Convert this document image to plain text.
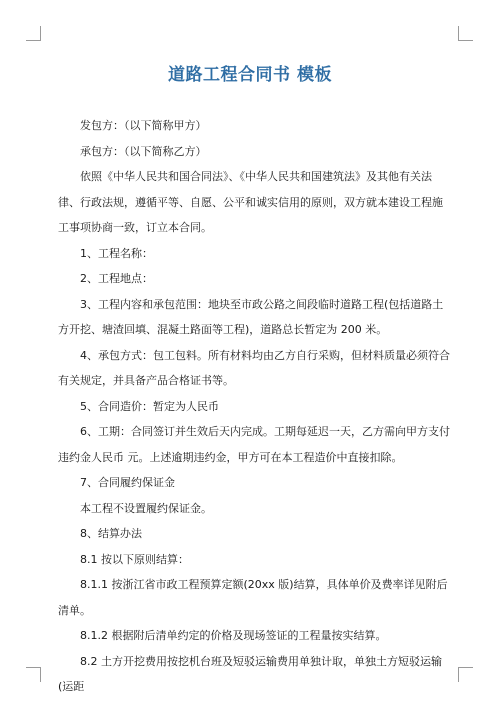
道路工程合同书 模板

发包方：（以下简称甲方）

承包方：（以下简称乙方）

依照《中华人民共和国合同法》、《中华人民共和国建筑法》及其他有关法律、行政法规，遵循平等、自愿、公平和诚实信用的原则，双方就本建设工程施工事项协商一致，订立本合同。

1、工程名称：

2、工程地点：

3、工程内容和承包范围：地块至市政公路之间段临时道路工程(包括道路土方开挖、塘渣回填、混凝土路面等工程)，道路总长暂定为 200 米。

4、承包方式：包工包料。所有材料均由乙方自行采购，但材料质量必须符合有关规定，并具备产品合格证书等。

5、合同造价：暂定为人民币

6、工期：合同签订并生效后天内完成。工期每延迟一天，乙方需向甲方支付违约金人民币 元。上述逾期违约金，甲方可在本工程造价中直接扣除。

7、合同履约保证金

本工程不设置履约保证金。

8、结算办法

8.1 按以下原则结算：

8.1.1 按浙江省市政工程预算定额(20xx 版)结算，具体单价及费率详见附后清单。

8.1.2 根据附后清单约定的价格及现场签证的工程量按实结算。

8.2 土方开挖费用按挖机台班及短驳运输费用单独计取，单独土方短驳运输(运距
